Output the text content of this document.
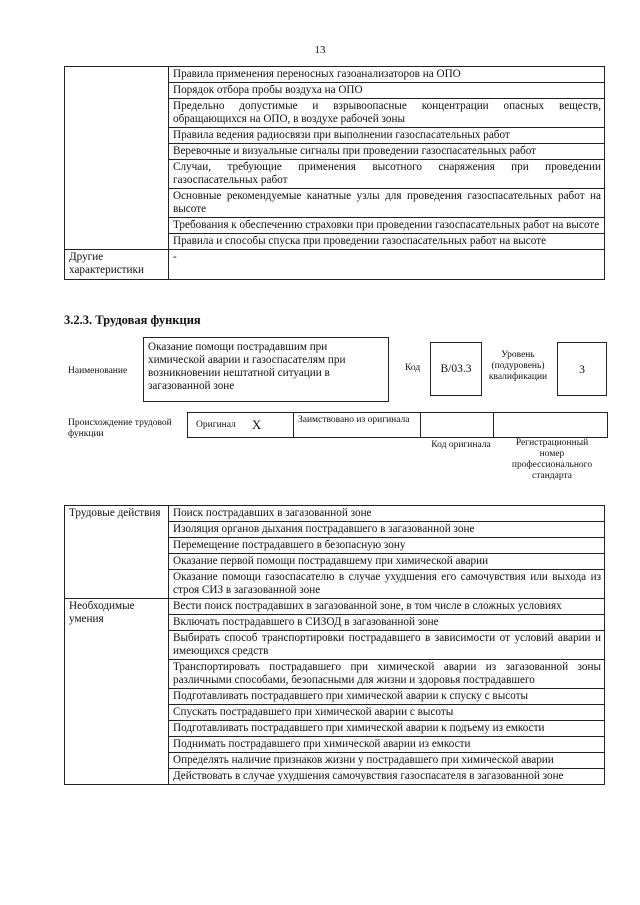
13
	Правила применения переносных газоанализаторов на ОПО
	Порядок отбора пробы воздуха на ОПО
	Предельно допустимые и взрывоопасные концентрации опасных веществ, обращающихся на ОПО, в воздухе рабочей зоны
	Правила ведения радиосвязи при выполнении газоспасательных работ
	Веревочные и визуальные сигналы при проведении газоспасательных работ
	Случаи, требующие применения высотного снаряжения при проведении газоспасательных работ
	Основные рекомендуемые канатные узлы для проведения газоспасательных работ на высоте
	Требования к обеспечению страховки при проведении газоспасательных работ на высоте
	Правила и способы спуска при проведении газоспасательных работ на высоте
Другие характеристики	-
3.2.3. Трудовая функция
Наименование
Оказание помощи пострадавшим при химической аварии и газоспасателям при возникновении нештатной ситуации в загазованной зоне
Код	B/03.3
Уровень (подуровень) квалификации
3
Происхождение трудовой функции
Оригинал Х	Заимствовано из оригинала
Код оригинала	Регистрационный номер профессионального стандарта
Трудовые действия	Поиск пострадавших в загазованной зоне
	Изоляция органов дыхания пострадавшего в загазованной зоне
	Перемещение пострадавшего в безопасную зону
	Оказание первой помощи пострадавшему при химической аварии
	Оказание помощи газоспасателю в случае ухудшения его самочувствия или выхода из строя СИЗ в загазованной зоне
Необходимые умения	Вести поиск пострадавших в загазованной зоне, в том числе в сложных условиях
	Включать пострадавшего в СИЗОД в загазованной зоне
	Выбирать способ транспортировки пострадавшего в зависимости от условий аварии и имеющихся средств
	Транспортировать пострадавшего при химической аварии из загазованной зоны различными способами, безопасными для жизни и здоровья пострадавшего
	Подготавливать пострадавшего при химической аварии к спуску с высоты
	Спускать пострадавшего при химической аварии с высоты
	Подготавливать пострадавшего при химической аварии к подъему из емкости
	Поднимать пострадавшего при химической аварии из емкости
	Определять наличие признаков жизни у пострадавшего при химической аварии
	Действовать в случае ухудшения самочувствия газоспасателя в загазованной зоне
